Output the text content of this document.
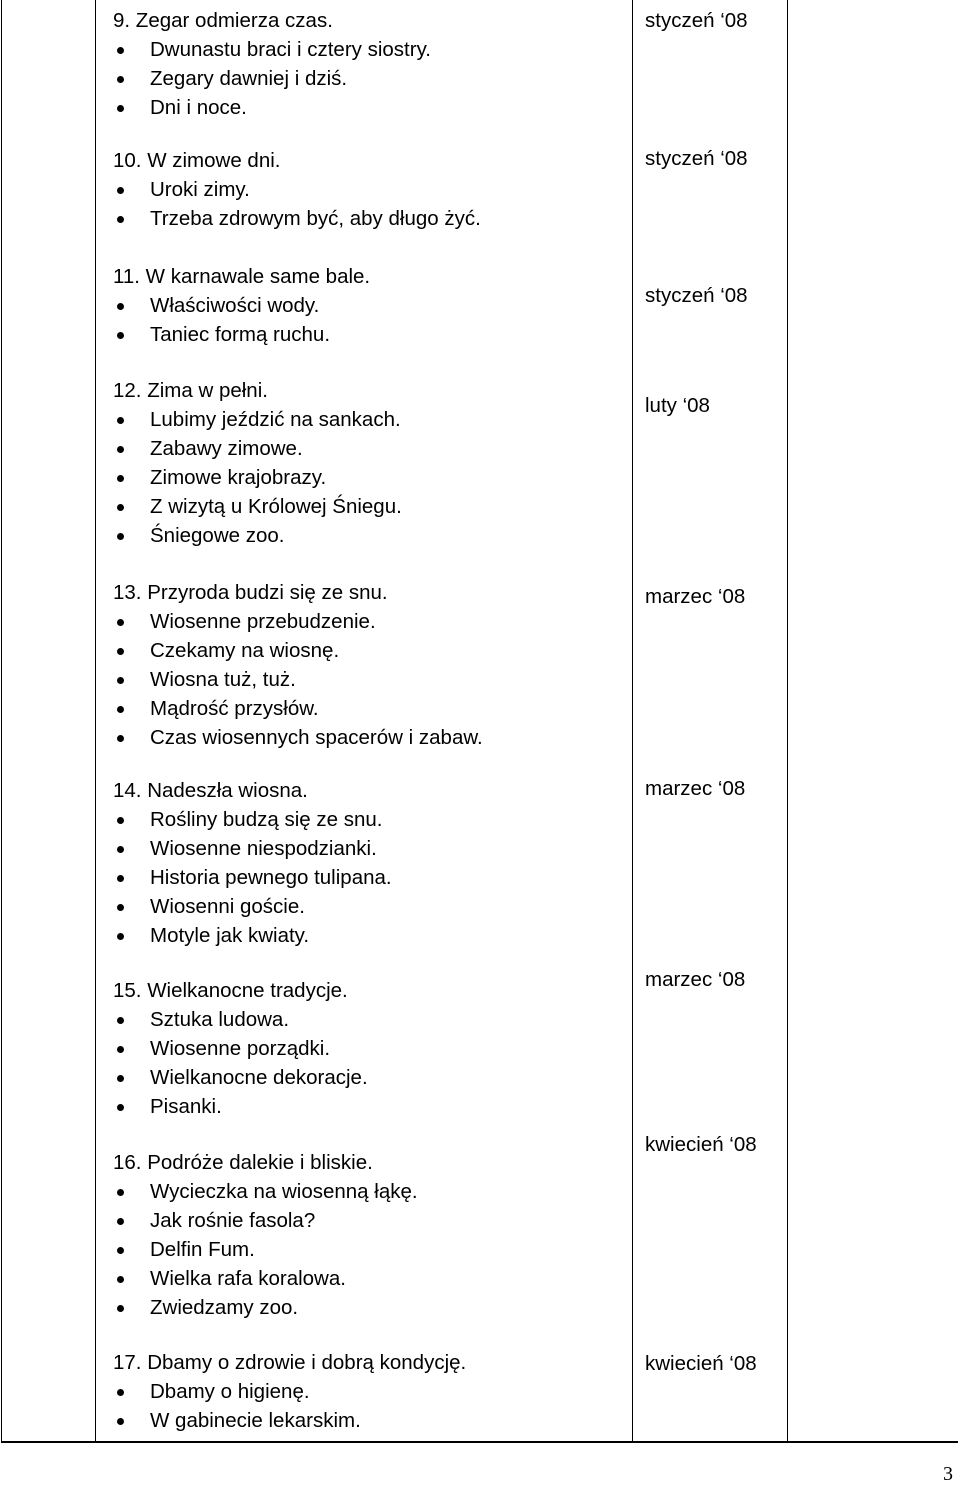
9. Zegar odmierza czas.
Dwunastu braci i cztery siostry.
Zegary dawniej i dziś.
Dni i noce.
styczeń ‘08
10. W zimowe dni.
Uroki zimy.
Trzeba zdrowym być, aby długo żyć.
styczeń ‘08
11. W karnawale same bale.
Właściwości wody.
Taniec formą ruchu.
styczeń ‘08
12. Zima w pełni.
Lubimy jeździć na sankach.
Zabawy zimowe.
Zimowe krajobrazy.
Z wizytą u Królowej Śniegu.
Śniegowe zoo.
luty ‘08
13. Przyroda budzi się ze snu.
Wiosenne przebudzenie.
Czekamy na wiosnę.
Wiosna tuż, tuż.
Mądrość przysłów.
Czas wiosennych spacerów i zabaw.
marzec ‘08
14. Nadeszła wiosna.
Rośliny budzą się ze snu.
Wiosenne niespodzianki.
Historia pewnego tulipana.
Wiosenni goście.
Motyle jak kwiaty.
marzec ‘08
15. Wielkanocne tradycje.
Sztuka ludowa.
Wiosenne porządki.
Wielkanocne dekoracje.
Pisanki.
marzec ‘08
16. Podróże dalekie i bliskie.
Wycieczka na wiosenną łąkę.
Jak rośnie fasola?
Delfin Fum.
Wielka rafa koralowa.
Zwiedzamy zoo.
kwiecień ‘08
17. Dbamy o zdrowie i dobrą kondycję.
Dbamy o higienę.
W gabinecie lekarskim.
kwiecień ‘08
3
